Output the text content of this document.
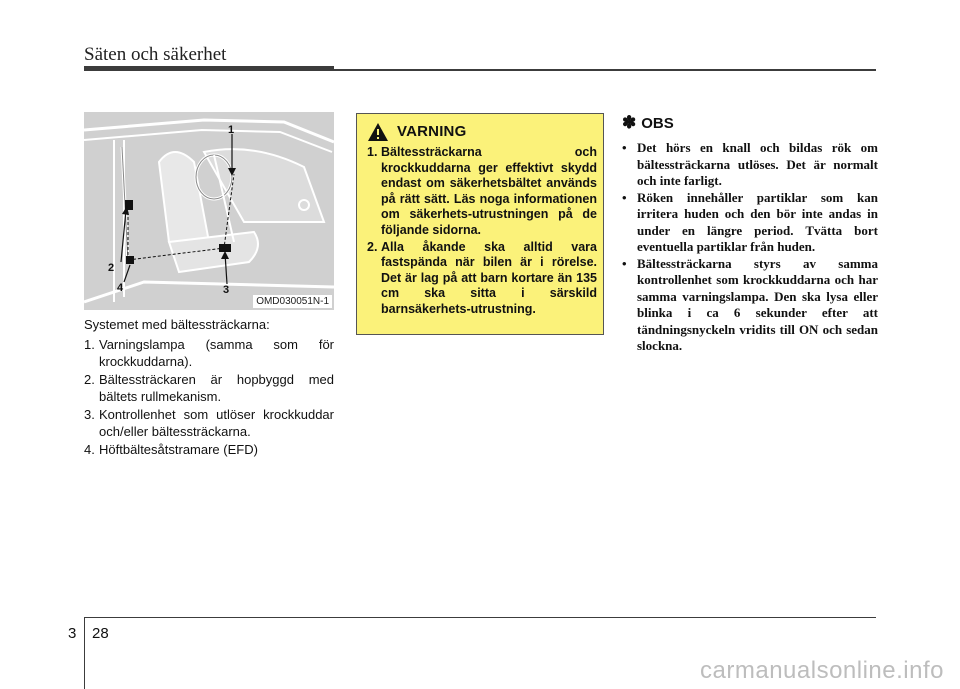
Säten och säkerhet
1
2
4	3
OMD030051N-1

Systemet med bältessträckarna:

1. Varningslampa (samma som för krockkuddarna).
2. Bältessträckaren är hopbyggd med bältets rullmekanism.
3. Kontrollenhet som utlöser krockkuddar och/eller bältessträckarna.
4. Höftbältesåtstramare (EFD)
VARNING
1. Bältessträckarna och krockkuddarna ger effektivt skydd endast om säkerhetsbältet används på rätt sätt. Läs noga informationen om säkerhets-utrustningen på de följande sidorna.
2. Alla åkande ska alltid vara fastspända när bilen är i rörelse. Det är lag på att barn kortare än 135 cm ska sitta i särskild barnsäkerhets-utrustning.
✽ OBS
• Det hörs en knall och bildas rök om bältessträckarna utlöses. Det är normalt och inte farligt.
• Röken innehåller partiklar som kan irritera huden och den bör inte andas in under en längre period. Tvätta bort eventuella partiklar från huden.
• Bältessträckarna styrs av samma kontrollenhet som krockkuddarna och har samma varningslampa. Den ska lysa eller blinka i ca 6 sekunder efter att tändningsnyckeln vridits till ON och sedan slockna.
3 28
carmanualsonline.info
